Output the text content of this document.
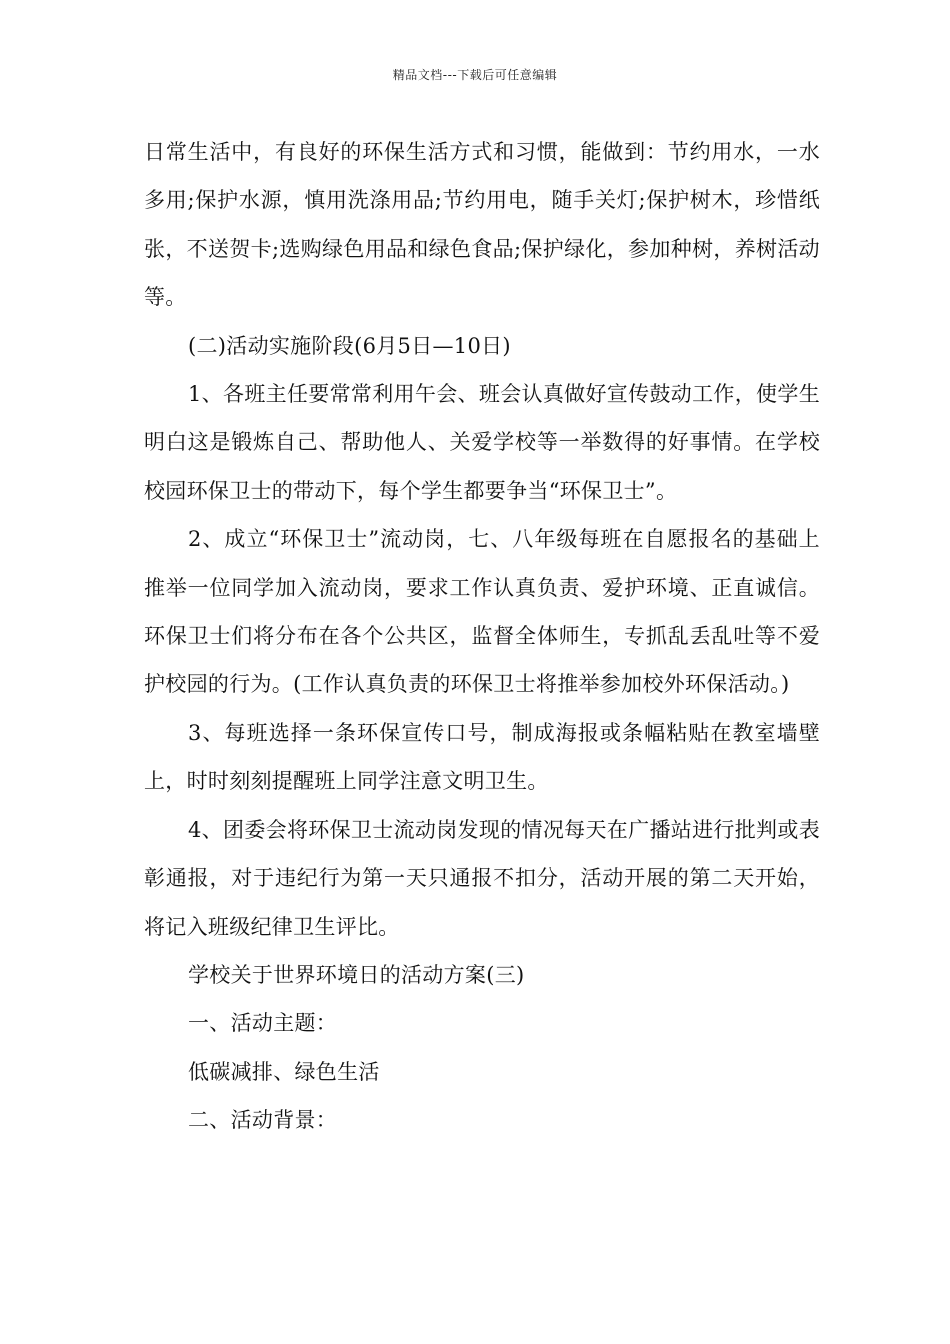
精品文档---下载后可任意编辑

日常生活中，有良好的环保生活方式和习惯，能做到：节约用水，一水多用;保护水源，慎用洗涤用品;节约用电，随手关灯;保护树木，珍惜纸张，不送贺卡;选购绿色用品和绿色食品;保护绿化，参加种树，养树活动等。

(二)活动实施阶段(6月5日—10日)

1、各班主任要常常利用午会、班会认真做好宣传鼓动工作，使学生明白这是锻炼自己、帮助他人、关爱学校等一举数得的好事情。在学校校园环保卫士的带动下，每个学生都要争当“环保卫士”。

2、成立“环保卫士”流动岗，七、八年级每班在自愿报名的基础上推举一位同学加入流动岗，要求工作认真负责、爱护环境、正直诚信。环保卫士们将分布在各个公共区，监督全体师生，专抓乱丢乱吐等不爱护校园的行为。(工作认真负责的环保卫士将推举参加校外环保活动。)

3、每班选择一条环保宣传口号，制成海报或条幅粘贴在教室墙壁上，时时刻刻提醒班上同学注意文明卫生。

4、团委会将环保卫士流动岗发现的情况每天在广播站进行批判或表彰通报，对于违纪行为第一天只通报不扣分，活动开展的第二天开始，将记入班级纪律卫生评比。

学校关于世界环境日的活动方案(三)

一、活动主题：

低碳减排、绿色生活

二、活动背景：
